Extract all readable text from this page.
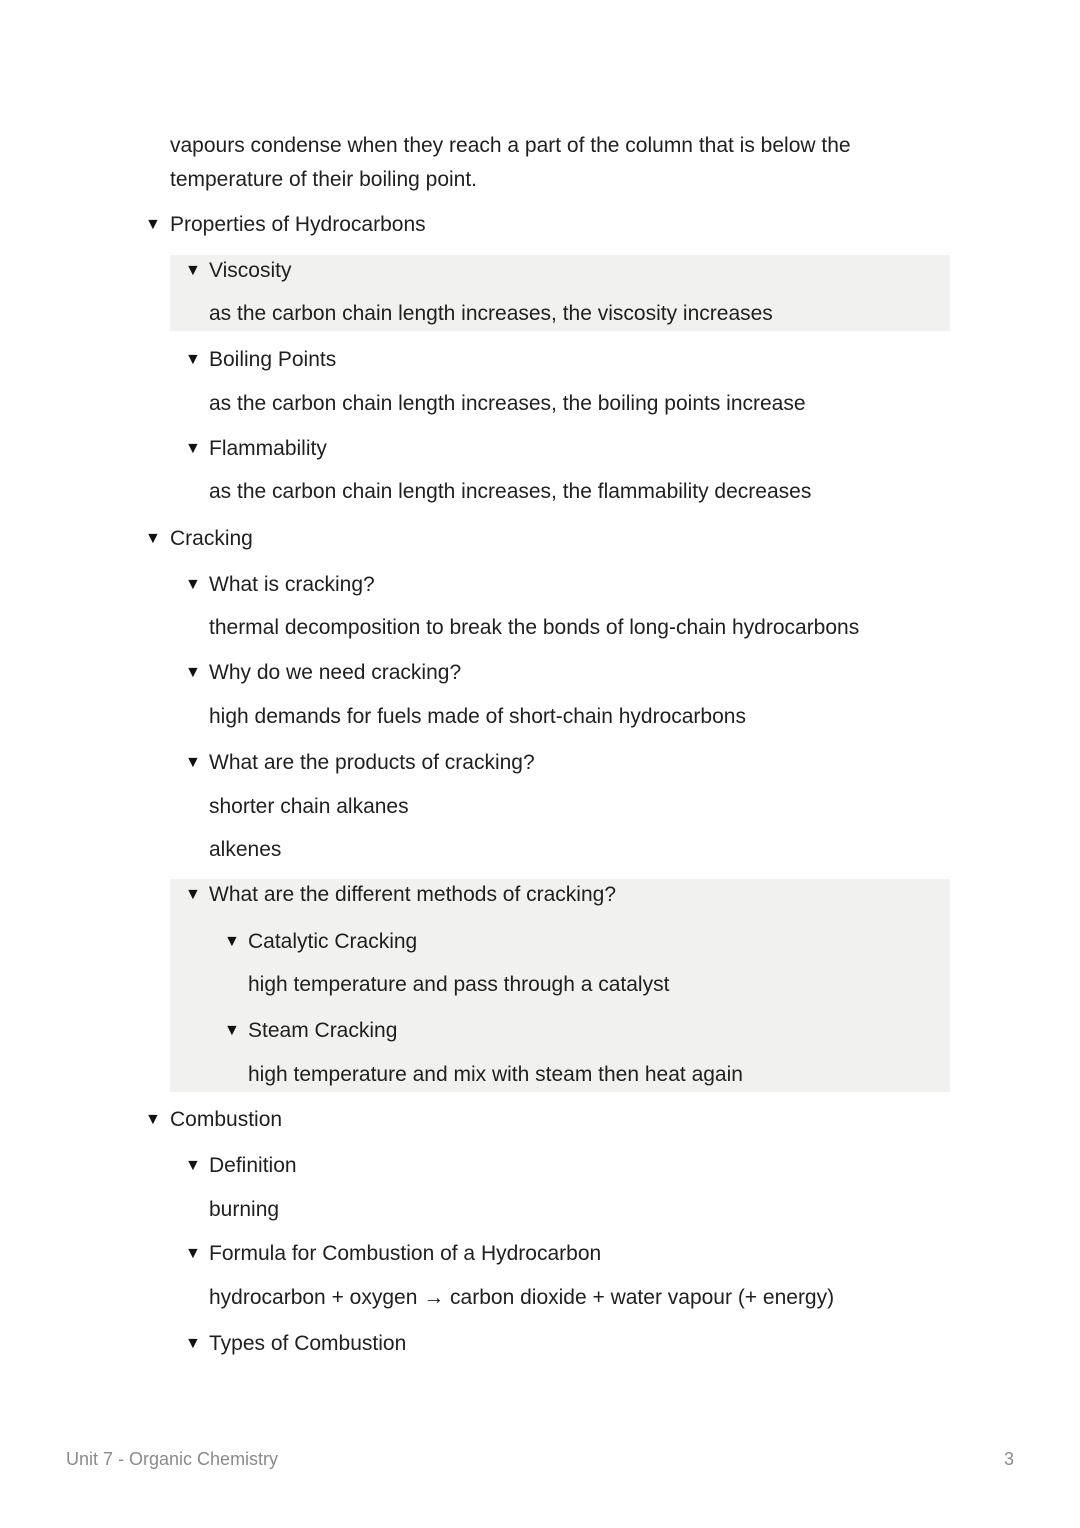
vapours condense when they reach a part of the column that is below the
temperature of their boiling point.
▼ Properties of Hydrocarbons
▼ Viscosity
as the carbon chain length increases, the viscosity increases
▼ Boiling Points
as the carbon chain length increases, the boiling points increase
▼ Flammability
as the carbon chain length increases, the flammability decreases
▼ Cracking
▼ What is cracking?
thermal decomposition to break the bonds of long-chain hydrocarbons
▼ Why do we need cracking?
high demands for fuels made of short-chain hydrocarbons
▼ What are the products of cracking?
shorter chain alkanes
alkenes
▼ What are the different methods of cracking?
▼ Catalytic Cracking
high temperature and pass through a catalyst
▼ Steam Cracking
high temperature and mix with steam then heat again
▼ Combustion
▼ Definition
burning
▼ Formula for Combustion of a Hydrocarbon
hydrocarbon + oxygen → carbon dioxide + water vapour (+ energy)
▼ Types of Combustion
Unit 7 - Organic Chemistry	3
